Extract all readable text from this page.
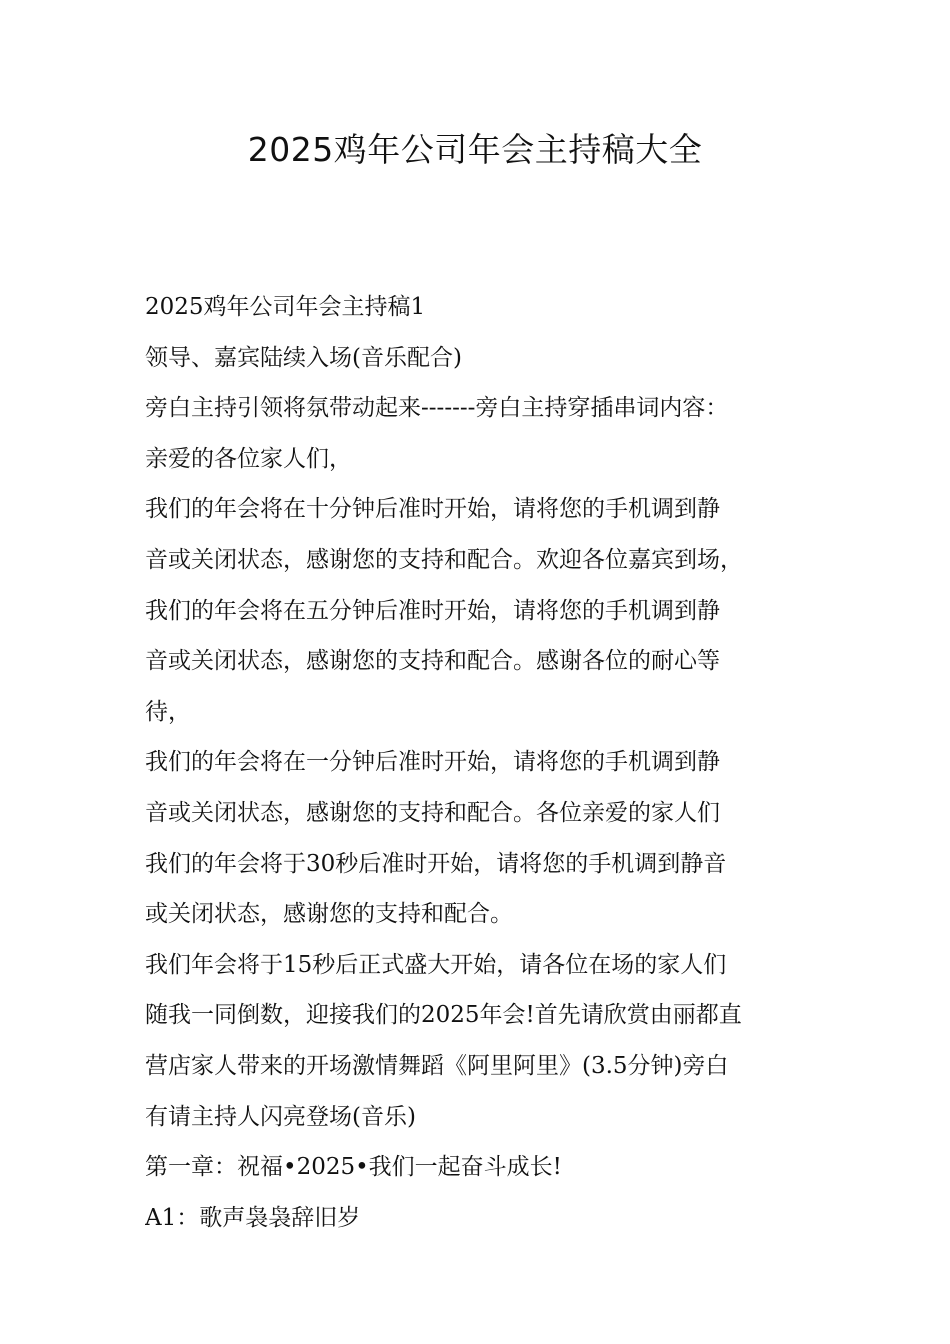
2025鸡年公司年会主持稿大全
2025鸡年公司年会主持稿1
领导、嘉宾陆续入场(音乐配合)
旁白主持引领将氛带动起来-------旁白主持穿插串词内容：
亲爱的各位家人们，
我们的年会将在十分钟后准时开始，请将您的手机调到静
音或关闭状态，感谢您的支持和配合。欢迎各位嘉宾到场，
我们的年会将在五分钟后准时开始，请将您的手机调到静
音或关闭状态，感谢您的支持和配合。感谢各位的耐心等
待，
我们的年会将在一分钟后准时开始，请将您的手机调到静
音或关闭状态，感谢您的支持和配合。各位亲爱的家人们
我们的年会将于30秒后准时开始，请将您的手机调到静音
或关闭状态，感谢您的支持和配合。
我们年会将于15秒后正式盛大开始，请各位在场的家人们
随我一同倒数，迎接我们的2025年会!首先请欣赏由丽都直
营店家人带来的开场激情舞蹈《阿里阿里》(3.5分钟)旁白
有请主持人闪亮登场(音乐)
第一章：祝福•2025•我们一起奋斗成长!
A1：歌声袅袅辞旧岁
